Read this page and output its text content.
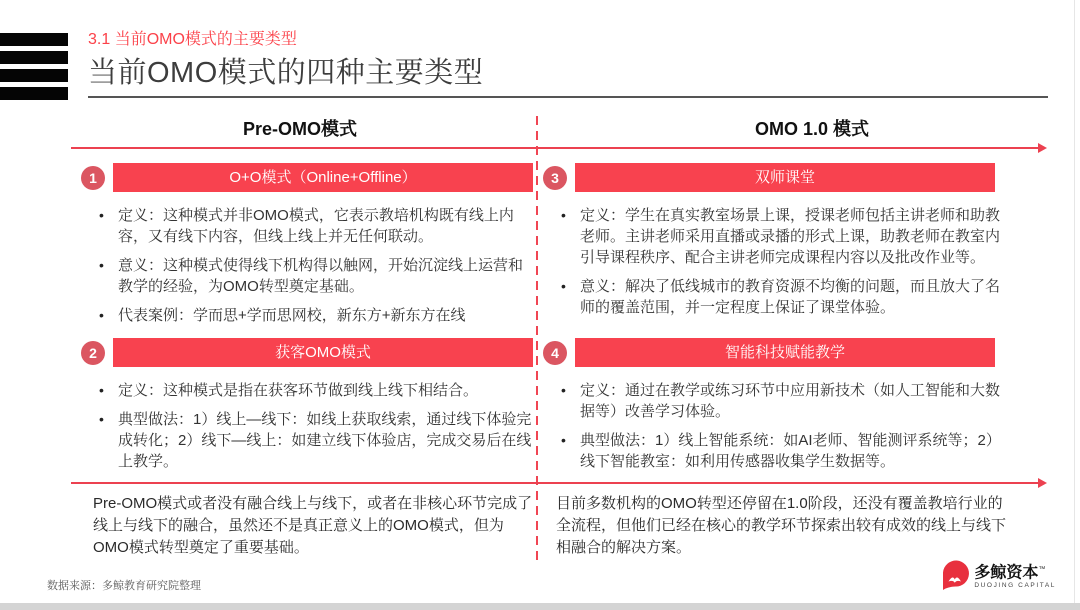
3.1 当前OMO模式的主要类型
当前OMO模式的四种主要类型
Pre-OMO模式	OMO 1.0 模式
1	O+O模式（Online+Offline）
• 定义：这种模式并非OMO模式，它表示教培机构既有线上内容，又有线下内容，但线上线上并无任何联动。
• 意义：这种模式使得线下机构得以触网，开始沉淀线上运营和教学的经验，为OMO转型奠定基础。
• 代表案例：学而思+学而思网校，新东方+新东方在线
2	获客OMO模式
• 定义：这种模式是指在获客环节做到线上线下相结合。
• 典型做法：1）线上—线下：如线上获取线索，通过线下体验完成转化；2）线下—线上：如建立线下体验店，完成交易后在线上教学。
3	双师课堂
• 定义：学生在真实教室场景上课，授课老师包括主讲老师和助教老师。主讲老师采用直播或录播的形式上课，助教老师在教室内引导课程秩序、配合主讲老师完成课程内容以及批改作业等。
• 意义：解决了低线城市的教育资源不均衡的问题，而且放大了名师的覆盖范围，并一定程度上保证了课堂体验。
4	智能科技赋能教学
• 定义：通过在教学或练习环节中应用新技术（如人工智能和大数据等）改善学习体验。
• 典型做法：1）线上智能系统：如AI老师、智能测评系统等；2）线下智能教室：如利用传感器收集学生数据等。
Pre-OMO模式或者没有融合线上与线下，或者在非核心环节完成了线上与线下的融合，虽然还不是真正意义上的OMO模式，但为OMO模式转型奠定了重要基础。
目前多数机构的OMO转型还停留在1.0阶段，还没有覆盖教培行业的全流程，但他们已经在核心的教学环节探索出较有成效的线上与线下相融合的解决方案。
数据来源：多鲸教育研究院整理
多鲸资本™
DUOJING CAPITAL
